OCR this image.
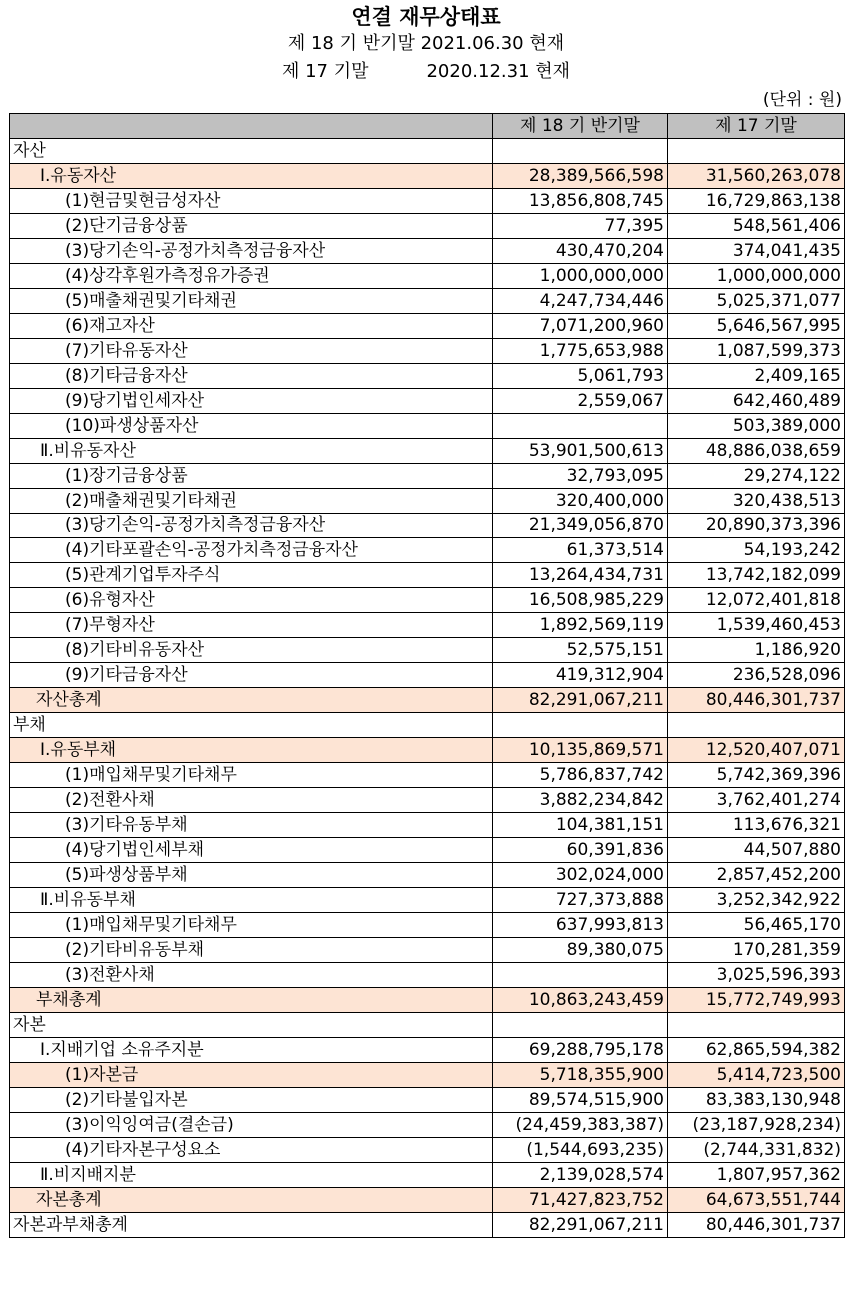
연결 재무상태표
제 18 기 반기말 2021.06.30 현재
제 17 기말	2020.12.31 현재
(단위 : 원)
	제 18 기 반기말	제 17 기말
자산		
Ⅰ.유동자산	28,389,566,598	31,560,263,078
(1)현금및현금성자산	13,856,808,745	16,729,863,138
(2)단기금융상품	77,395	548,561,406
(3)당기손익-공정가치측정금융자산	430,470,204	374,041,435
(4)상각후원가측정유가증권	1,000,000,000	1,000,000,000
(5)매출채권및기타채권	4,247,734,446	5,025,371,077
(6)재고자산	7,071,200,960	5,646,567,995
(7)기타유동자산	1,775,653,988	1,087,599,373
(8)기타금융자산	5,061,793	2,409,165
(9)당기법인세자산	2,559,067	642,460,489
(10)파생상품자산		503,389,000
Ⅱ.비유동자산	53,901,500,613	48,886,038,659
(1)장기금융상품	32,793,095	29,274,122
(2)매출채권및기타채권	320,400,000	320,438,513
(3)당기손익-공정가치측정금융자산	21,349,056,870	20,890,373,396
(4)기타포괄손익-공정가치측정금융자산	61,373,514	54,193,242
(5)관계기업투자주식	13,264,434,731	13,742,182,099
(6)유형자산	16,508,985,229	12,072,401,818
(7)무형자산	1,892,569,119	1,539,460,453
(8)기타비유동자산	52,575,151	1,186,920
(9)기타금융자산	419,312,904	236,528,096
자산총계	82,291,067,211	80,446,301,737
부채		
Ⅰ.유동부채	10,135,869,571	12,520,407,071
(1)매입채무및기타채무	5,786,837,742	5,742,369,396
(2)전환사채	3,882,234,842	3,762,401,274
(3)기타유동부채	104,381,151	113,676,321
(4)당기법인세부채	60,391,836	44,507,880
(5)파생상품부채	302,024,000	2,857,452,200
Ⅱ.비유동부채	727,373,888	3,252,342,922
(1)매입채무및기타채무	637,993,813	56,465,170
(2)기타비유동부채	89,380,075	170,281,359
(3)전환사채		3,025,596,393
부채총계	10,863,243,459	15,772,749,993
자본		
Ⅰ.지배기업 소유주지분	69,288,795,178	62,865,594,382
(1)자본금	5,718,355,900	5,414,723,500
(2)기타불입자본	89,574,515,900	83,383,130,948
(3)이익잉여금(결손금)	(24,459,383,387)	(23,187,928,234)
(4)기타자본구성요소	(1,544,693,235)	(2,744,331,832)
Ⅱ.비지배지분	2,139,028,574	1,807,957,362
자본총계	71,427,823,752	64,673,551,744
자본과부채총계	82,291,067,211	80,446,301,737
